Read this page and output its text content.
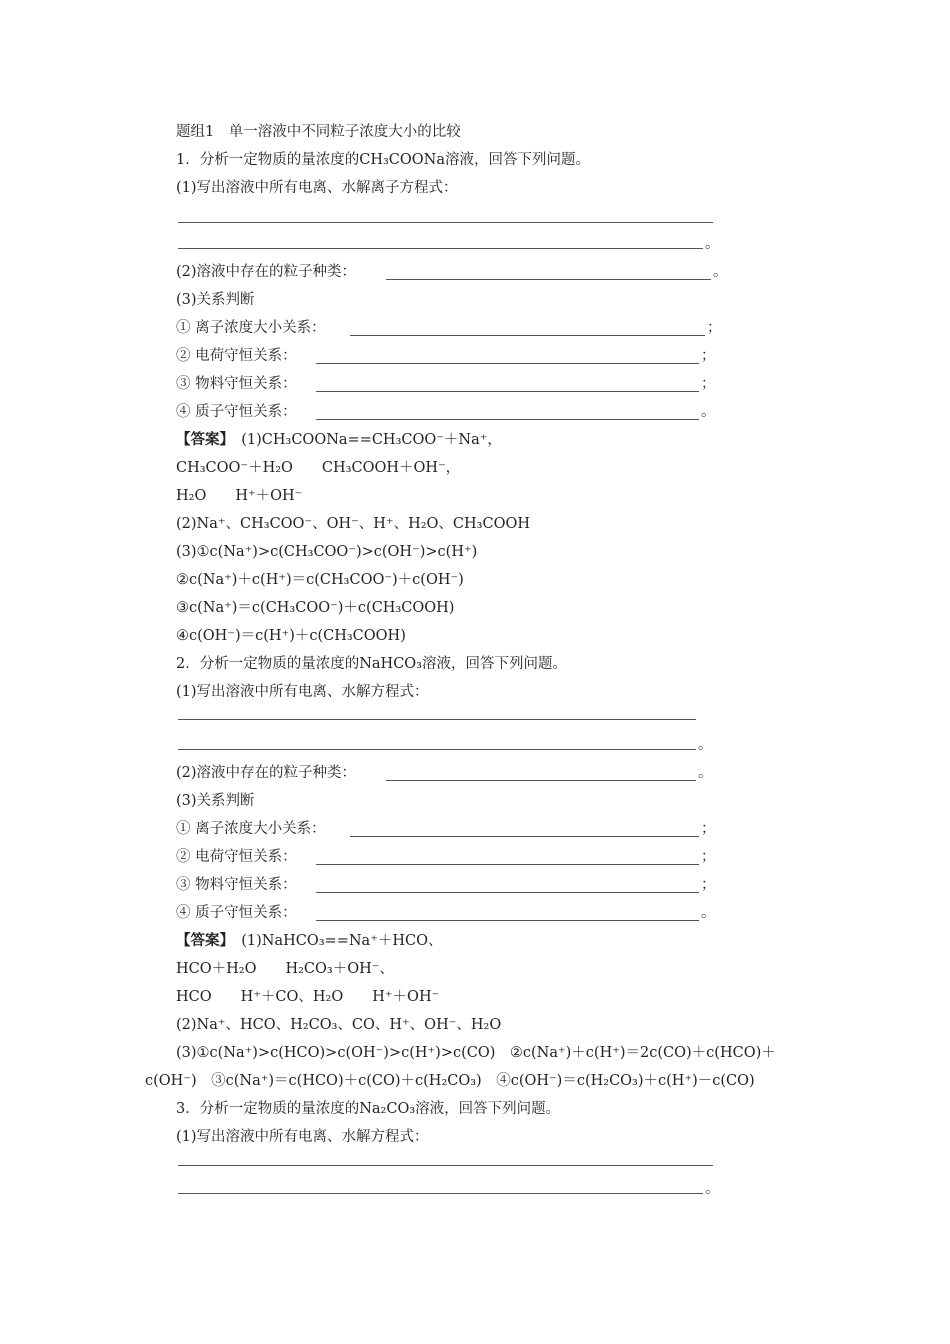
题组1　单一溶液中不同粒子浓度大小的比较
1．分析一定物质的量浓度的CH₃COONa溶液，回答下列问题。
(1)写出溶液中所有电离、水解离子方程式：
。
(2)溶液中存在的粒子种类：	。
(3)关系判断
① 离子浓度大小关系：	；
② 电荷守恒关系：	；
③ 物料守恒关系：	；
④ 质子守恒关系：	。
【答案】　(1)CH₃COONa==CH₃COO⁻＋Na⁺，
CH₃COO⁻＋H₂O　　CH₃COOH＋OH⁻，
H₂O　　H⁺＋OH⁻
(2)Na⁺、CH₃COO⁻、OH⁻、H⁺、H₂O、CH₃COOH
(3)①c(Na⁺)>c(CH₃COO⁻)>c(OH⁻)>c(H⁺)
②c(Na⁺)＋c(H⁺)＝c(CH₃COO⁻)＋c(OH⁻)
③c(Na⁺)＝c(CH₃COO⁻)＋c(CH₃COOH)
④c(OH⁻)＝c(H⁺)＋c(CH₃COOH)
2．分析一定物质的量浓度的NaHCO₃溶液，回答下列问题。
(1)写出溶液中所有电离、水解方程式：
。
(2)溶液中存在的粒子种类：	。
(3)关系判断
① 离子浓度大小关系：	；
② 电荷守恒关系：	；
③ 物料守恒关系：	；
④ 质子守恒关系：	。
【答案】　(1)NaHCO₃==Na⁺＋HCO、
HCO＋H₂O　　H₂CO₃＋OH⁻、
HCO　　H⁺＋CO、H₂O　　H⁺＋OH⁻
(2)Na⁺、HCO、H₂CO₃、CO、H⁺、OH⁻、H₂O
(3)①c(Na⁺)>c(HCO)>c(OH⁻)>c(H⁺)>c(CO)　②c(Na⁺)＋c(H⁺)＝2c(CO)＋c(HCO)＋
c(OH⁻)　③c(Na⁺)＝c(HCO)＋c(CO)＋c(H₂CO₃)　④c(OH⁻)＝c(H₂CO₃)＋c(H⁺)－c(CO)
3．分析一定物质的量浓度的Na₂CO₃溶液，回答下列问题。
(1)写出溶液中所有电离、水解方程式：
。
